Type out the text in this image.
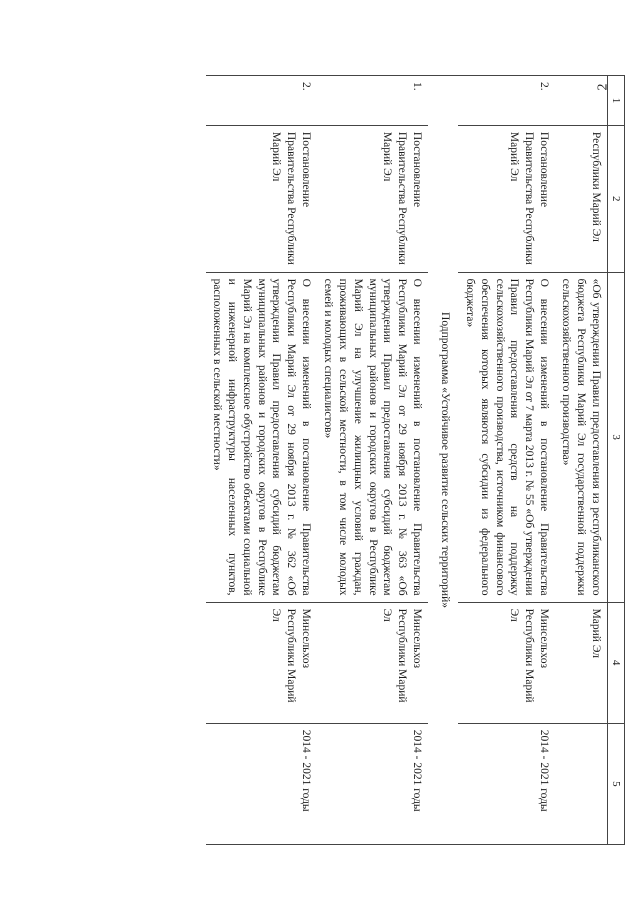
2
1	2	3	4	5
	Республики Марий Эл	«Об утверждении Правил предоставления из республиканского бюджета Республики Марий Эл государственной поддержки сельскохозяйственного производства»	Марий Эл	
2.	Постановление Правительства Республики Марий Эл	О внесении изменений в постановление Правительства Республики Марий Эл от 7 марта 2013 г. № 55 «Об утверждении Правил предоставления средств на поддержку сельскохозяйственного производства, источником финансового обеспечения которых являются субсидии из федерального бюджета»	Минсельхоз Республики Марий Эл	2014 - 2021 годы
Подпрограмма «Устойчивое развитие сельских территорий»				
1.	Постановление Правительства Республики Марий Эл	О внесении изменений в постановление Правительства Республики Марий Эл от 29 ноября 2013 г. № 363 «Об утверждении Правил предоставления субсидий бюджетам муниципальных районов и городских округов в Республике Марий Эл на улучшение жилищных условий граждан, проживающих в сельской местности, в том числе молодых семей и молодых специалистов»	Минсельхоз Республики Марий Эл	2014 - 2021 годы
2.	Постановление Правительства Республики Марий Эл	О внесении изменений в постановление Правительства Республики Марий Эл от 29 ноября 2013 г. № 362 «Об утверждении Правил предоставления субсидий бюджетам муниципальных районов и городских округов в Республике Марий Эл на комплексное обустройство объектами социальной и инженерной инфраструктуры населенных пунктов, расположенных в сельской местности»	Минсельхоз Республики Марий Эл	2014 - 2021 годы
